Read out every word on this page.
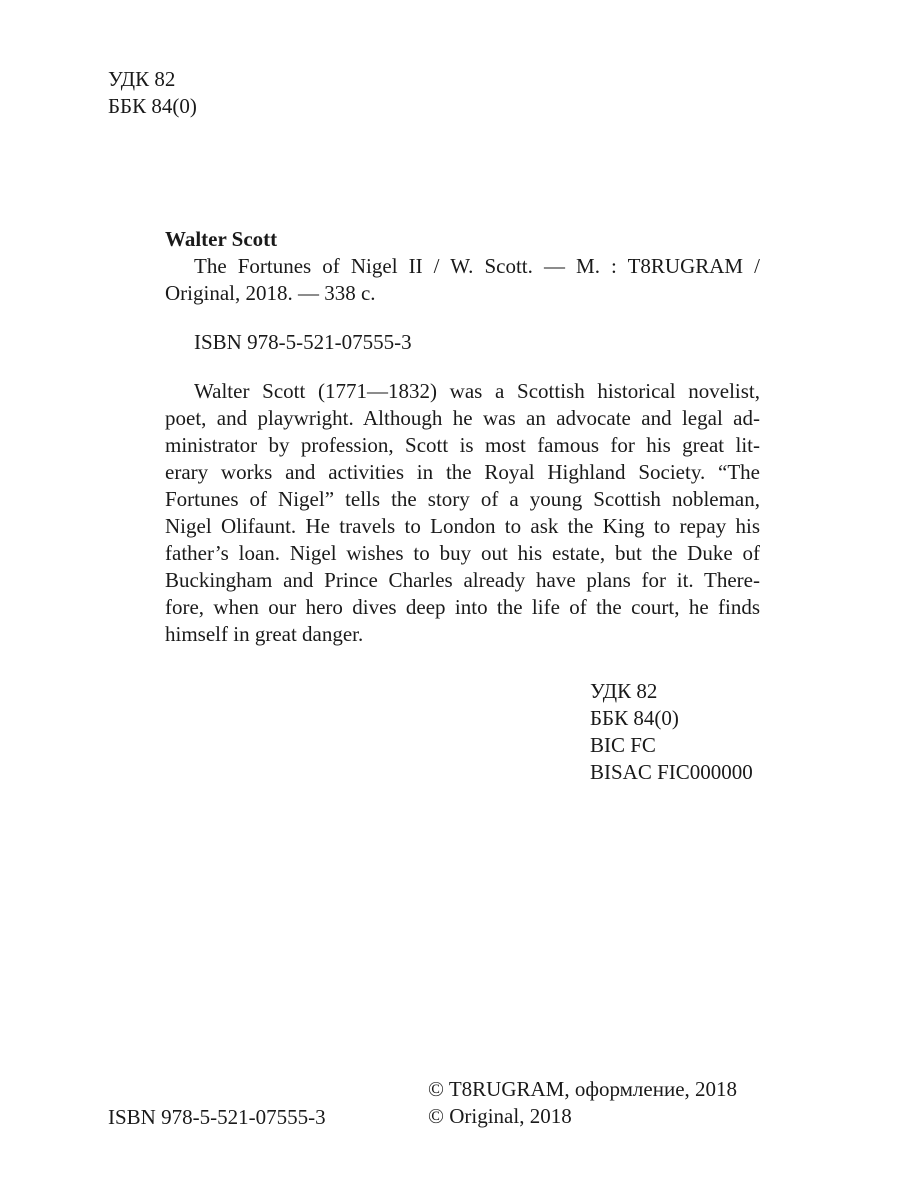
УДК 82
ББК 84(0)
Walter Scott
The Fortunes of Nigel II / W. Scott. — M. : T8RUGRAM /
Original, 2018. — 338 c.
ISBN 978-5-521-07555-3
Walter Scott (1771—1832) was a Scottish historical novelist,
poet, and playwright. Although he was an advocate and legal ad-
ministrator by profession, Scott is most famous for his great lit-
erary works and activities in the Royal Highland Society. “The
Fortunes of Nigel” tells the story of a young Scottish nobleman,
Nigel Olifaunt. He travels to London to ask the King to repay his
father’s loan. Nigel wishes to buy out his estate, but the Duke of
Buckingham and Prince Charles already have plans for it. There-
fore, when our hero dives deep into the life of the court, he finds
himself in great danger.
УДК 82
ББК 84(0)
BIC FC
BISAC FIC000000
ISBN 978-5-521-07555-3
© T8RUGRAM, оформление, 2018
© Original, 2018
